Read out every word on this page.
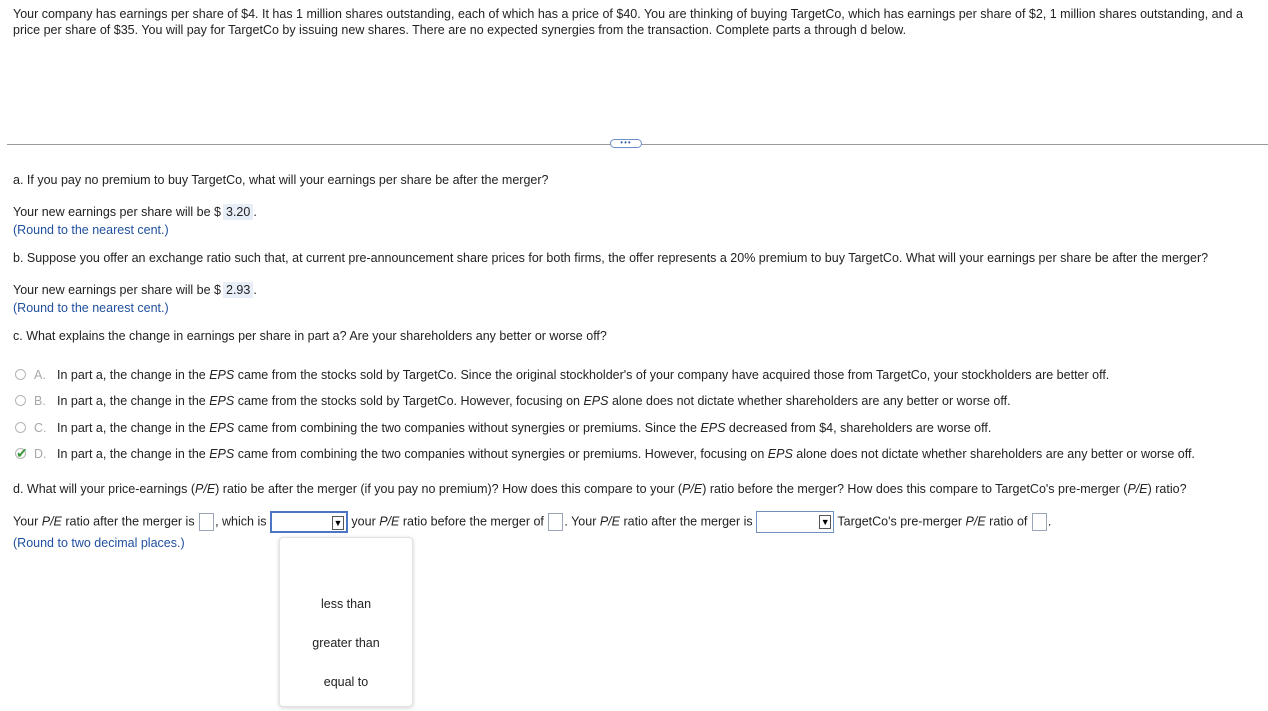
Your company has earnings per share of $4. It has 1 million shares outstanding, each of which has a price of $40. You are thinking of buying TargetCo, which has earnings per share of $2, 1 million shares outstanding, and a price per share of $35. You will pay for TargetCo by issuing new shares. There are no expected synergies from the transaction. Complete parts a through d below.
•••
a. If you pay no premium to buy TargetCo, what will your earnings per share be after the merger?
Your new earnings per share will be $ 3.20 .
(Round to the nearest cent.)
b. Suppose you offer an exchange ratio such that, at current pre-announcement share prices for both firms, the offer represents a 20% premium to buy TargetCo. What will your earnings per share be after the merger?
Your new earnings per share will be $ 2.93 .
(Round to the nearest cent.)
c. What explains the change in earnings per share in part a? Are your shareholders any better or worse off?
A. In part a, the change in the EPS came from the stocks sold by TargetCo. Since the original stockholder's of your company have acquired those from TargetCo, your stockholders are better off.
B. In part a, the change in the EPS came from the stocks sold by TargetCo. However, focusing on EPS alone does not dictate whether shareholders are any better or worse off.
C. In part a, the change in the EPS came from combining the two companies without synergies or premiums. Since the EPS decreased from $4, shareholders are worse off.
✔ D. In part a, the change in the EPS came from combining the two companies without synergies or premiums. However, focusing on EPS alone does not dictate whether shareholders are any better or worse off.
d. What will your price-earnings (P/E) ratio be after the merger (if you pay no premium)? How does this compare to your (P/E) ratio before the merger? How does this compare to TargetCo's pre-merger (P/E) ratio?
Your P/E ratio after the merger is , which is	▼ your P/E ratio before the merger of . Your P/E ratio after the merger is	▼ TargetCo's pre-merger P/E ratio of .
(Round to two decimal places.)
less than
greater than
equal to
